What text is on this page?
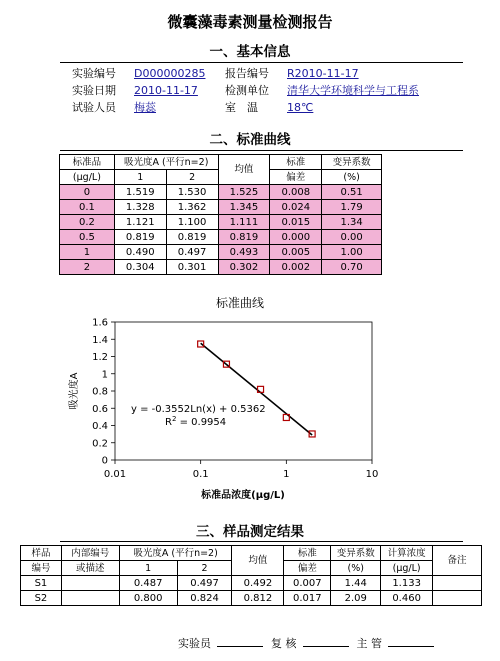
微囊藻毒素测量检测报告
一、基本信息
实验编号 D000000285 报告编号 R2010-11-17
实验日期 2010-11-17 检测单位 清华大学环境科学与工程系
试验人员 梅蕊	室　温	18℃
二、标准曲线
标准品	吸光度A (平行n=2)		均值	标准	变异系数
(μg/L)	1	2		偏差	(%)
0	1.519	1.530	1.525	0.008	0.51
0.1	1.328	1.362	1.345	0.024	1.79
0.2	1.121	1.100	1.111	0.015	1.34
0.5	0.819	0.819	0.819	0.000	0.00
1	0.490	0.497	0.493	0.005	1.00
2	0.304	0.301	0.302	0.002	0.70
标准曲线
0
0.2
0.4
0.6
0.8
1
1.2
1.4
1.6
0.01	0.1	1	10
吸光度A
标准品浓度(μg/L)
y = -0.3552Ln(x) + 0.5362
$R^2 = 0.9954$
三、样品测定结果
样品	内部编号	吸光度A (平行n=2)		均值	标准	变异系数	计算浓度	备注
编号	或描述	1	2		偏差	(%)	(μg/L)	
S1		0.487	0.497	0.492	0.007	1.44	1.133	
S2		0.800	0.824	0.812	0.017	2.09	0.460	
实验员	复 核	主 管
